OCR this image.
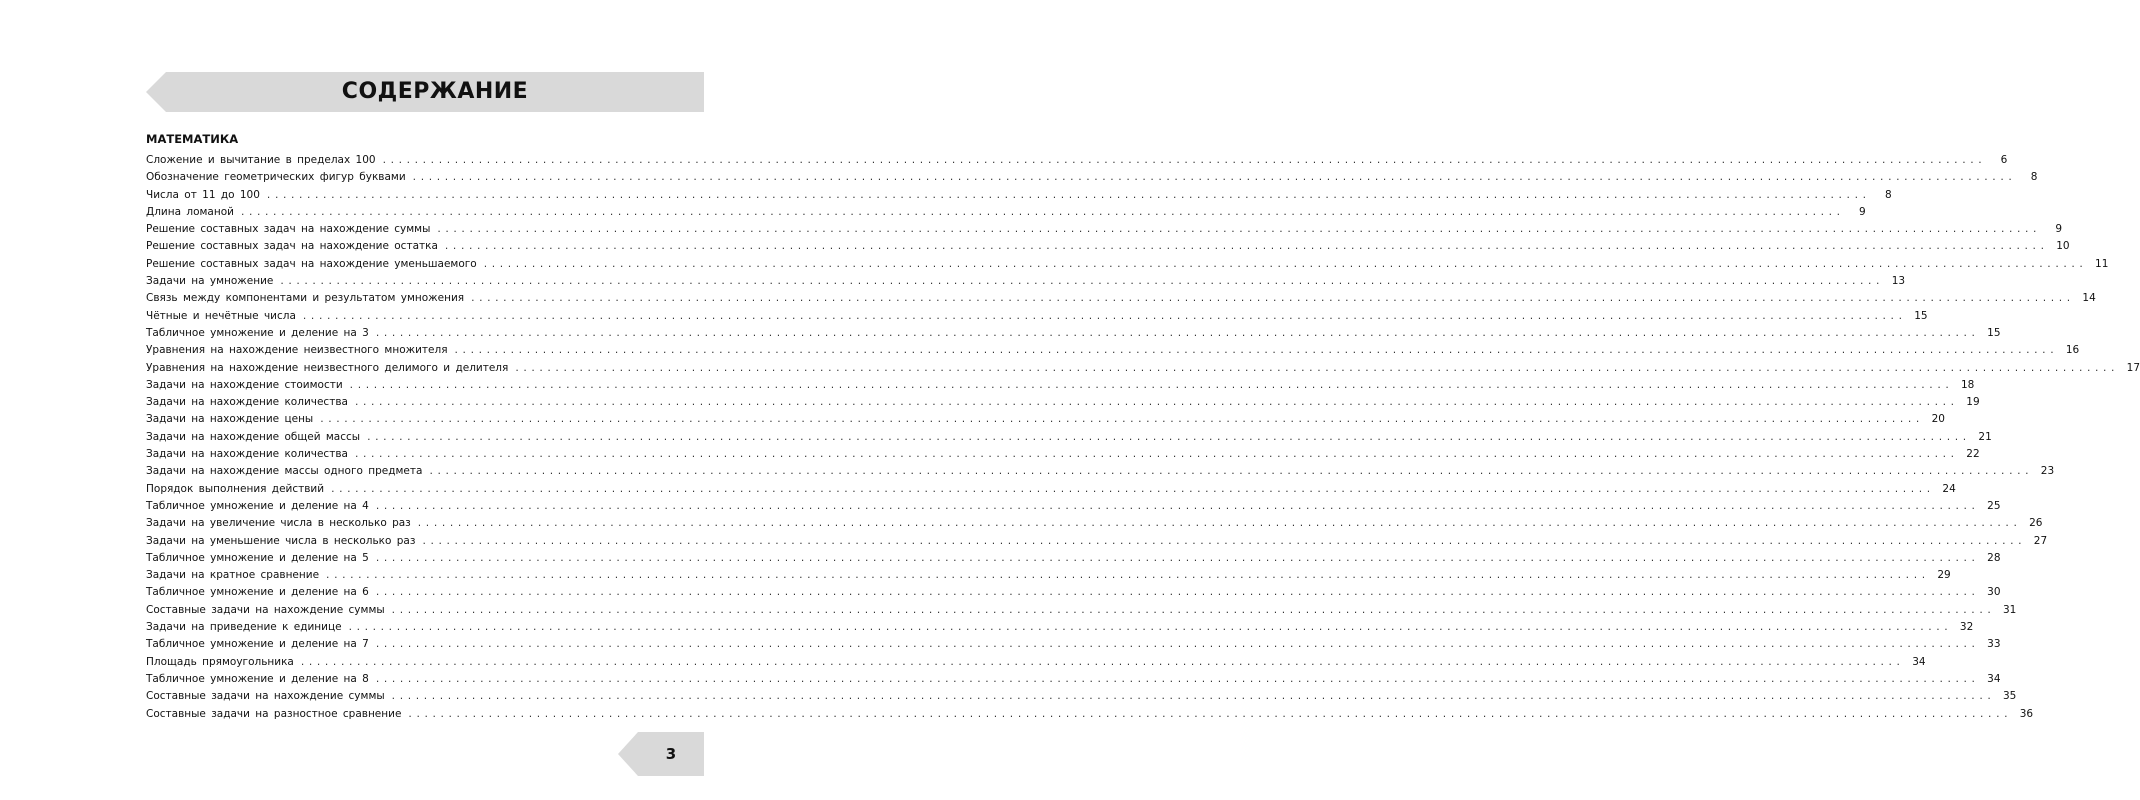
СОДЕРЖАНИЕ
МАТЕМАТИКА
Сложение и вычитание в пределах 100 ........................................................................................................................................................................................................	6
Обозначение геометрических фигур буквами ........................................................................................................................................................................................................	8
Числа от 11 до 100 ........................................................................................................................................................................................................	8
Длина ломаной ........................................................................................................................................................................................................	9
Решение составных задач на нахождение суммы ........................................................................................................................................................................................................	9
Решение составных задач на нахождение остатка ........................................................................................................................................................................................................ 10
Решение составных задач на нахождение уменьшаемого ........................................................................................................................................................................................................ 11
Задачи на умножение ........................................................................................................................................................................................................ 13
Связь между компонентами и результатом умножения ........................................................................................................................................................................................................ 14
Чётные и нечётные числа ........................................................................................................................................................................................................ 15
Табличное умножение и деление на 3 ........................................................................................................................................................................................................ 15
Уравнения на нахождение неизвестного множителя ........................................................................................................................................................................................................ 16
Уравнения на нахождение неизвестного делимого и делителя ........................................................................................................................................................................................................ 17
Задачи на нахождение стоимости ........................................................................................................................................................................................................ 18
Задачи на нахождение количества ........................................................................................................................................................................................................ 19
Задачи на нахождение цены ........................................................................................................................................................................................................ 20
Задачи на нахождение общей массы ........................................................................................................................................................................................................ 21
Задачи на нахождение количества ........................................................................................................................................................................................................ 22
Задачи на нахождение массы одного предмета ........................................................................................................................................................................................................ 23
Порядок выполнения действий ........................................................................................................................................................................................................ 24
Табличное умножение и деление на 4 ........................................................................................................................................................................................................ 25
Задачи на увеличение числа в несколько раз ........................................................................................................................................................................................................ 26
Задачи на уменьшение числа в несколько раз ........................................................................................................................................................................................................ 27
Табличное умножение и деление на 5 ........................................................................................................................................................................................................ 28
Задачи на кратное сравнение ........................................................................................................................................................................................................ 29
Табличное умножение и деление на 6 ........................................................................................................................................................................................................ 30
Составные задачи на нахождение суммы ........................................................................................................................................................................................................ 31
Задачи на приведение к единице ........................................................................................................................................................................................................ 32
Табличное умножение и деление на 7 ........................................................................................................................................................................................................ 33
Площадь прямоугольника ........................................................................................................................................................................................................ 34
Табличное умножение и деление на 8 ........................................................................................................................................................................................................ 34
Составные задачи на нахождение суммы ........................................................................................................................................................................................................ 35
Составные задачи на разностное сравнение ........................................................................................................................................................................................................ 36
3
